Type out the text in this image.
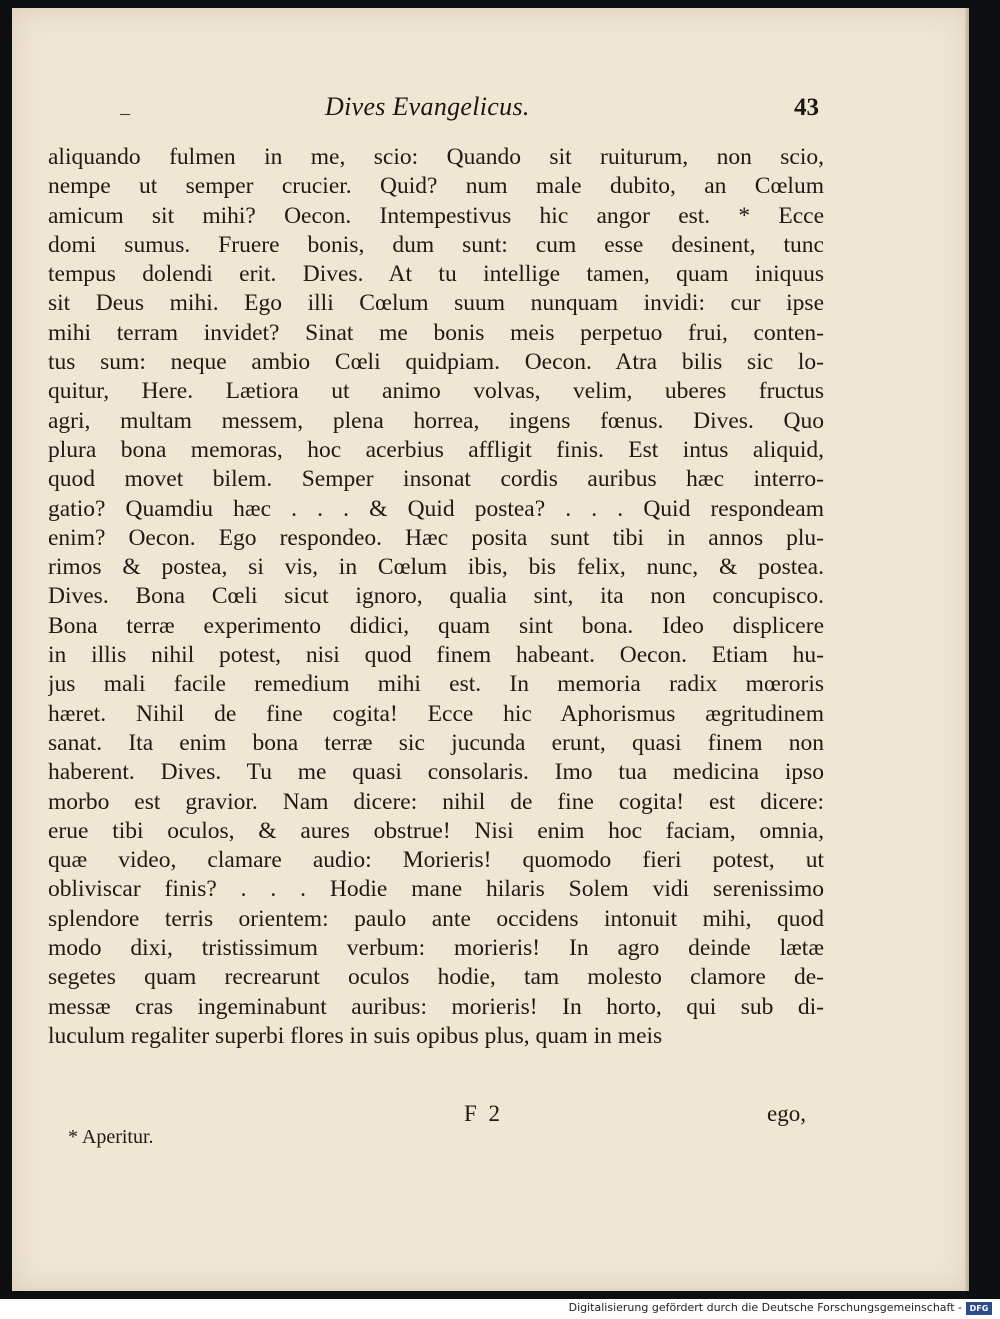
–	Dives Evangelicus.	43
aliquando fulmen in me, scio: Quando sit ruiturum, non scio,
nempe ut semper crucier. Quid? num male dubito, an Cœlum
amicum sit mihi? Oecon. Intempestivus hic angor est. * Ecce
domi sumus. Fruere bonis, dum sunt: cum esse desinent, tunc
tempus dolendi erit. Dives. At tu intellige tamen, quam iniquus
sit Deus mihi. Ego illi Cœlum suum nunquam invidi: cur ipse
mihi terram invidet? Sinat me bonis meis perpetuo frui, conten-
tus sum: neque ambio Cœli quidpiam. Oecon. Atra bilis sic lo-
quitur, Here. Lætiora ut animo volvas, velim, uberes fructus
agri, multam messem, plena horrea, ingens fœnus. Dives. Quo
plura bona memoras, hoc acerbius affligit finis. Est intus aliquid,
quod movet bilem. Semper insonat cordis auribus hæc interro-
gatio? Quamdiu hæc . . . & Quid postea? . . . Quid respondeam
enim? Oecon. Ego respondeo. Hæc posita sunt tibi in annos plu-
rimos & postea, si vis, in Cœlum ibis, bis felix, nunc, & postea.
Dives. Bona Cœli sicut ignoro, qualia sint, ita non concupisco.
Bona terræ experimento didici, quam sint bona. Ideo displicere
in illis nihil potest, nisi quod finem habeant. Oecon. Etiam hu-
jus mali facile remedium mihi est. In memoria radix mœroris
hæret. Nihil de fine cogita! Ecce hic Aphorismus ægritudinem
sanat. Ita enim bona terræ sic jucunda erunt, quasi finem non
haberent. Dives. Tu me quasi consolaris. Imo tua medicina ipso
morbo est gravior. Nam dicere: nihil de fine cogita! est dicere:
erue tibi oculos, & aures obstrue! Nisi enim hoc faciam, omnia,
quæ video, clamare audio: Morieris! quomodo fieri potest, ut
obliviscar finis? . . . Hodie mane hilaris Solem vidi serenissimo
splendore terris orientem: paulo ante occidens intonuit mihi, quod
modo dixi, tristissimum verbum: morieris! In agro deinde lætæ
segetes quam recrearunt oculos hodie, tam molesto clamore de-
messæ cras ingeminabunt auribus: morieris! In horto, qui sub di-
luculum regaliter superbi flores in suis opibus plus, quam in meis
F 2	ego,
* Aperitur.
Digitalisierung gefördert durch die Deutsche Forschungsgemeinschaft - DFG
